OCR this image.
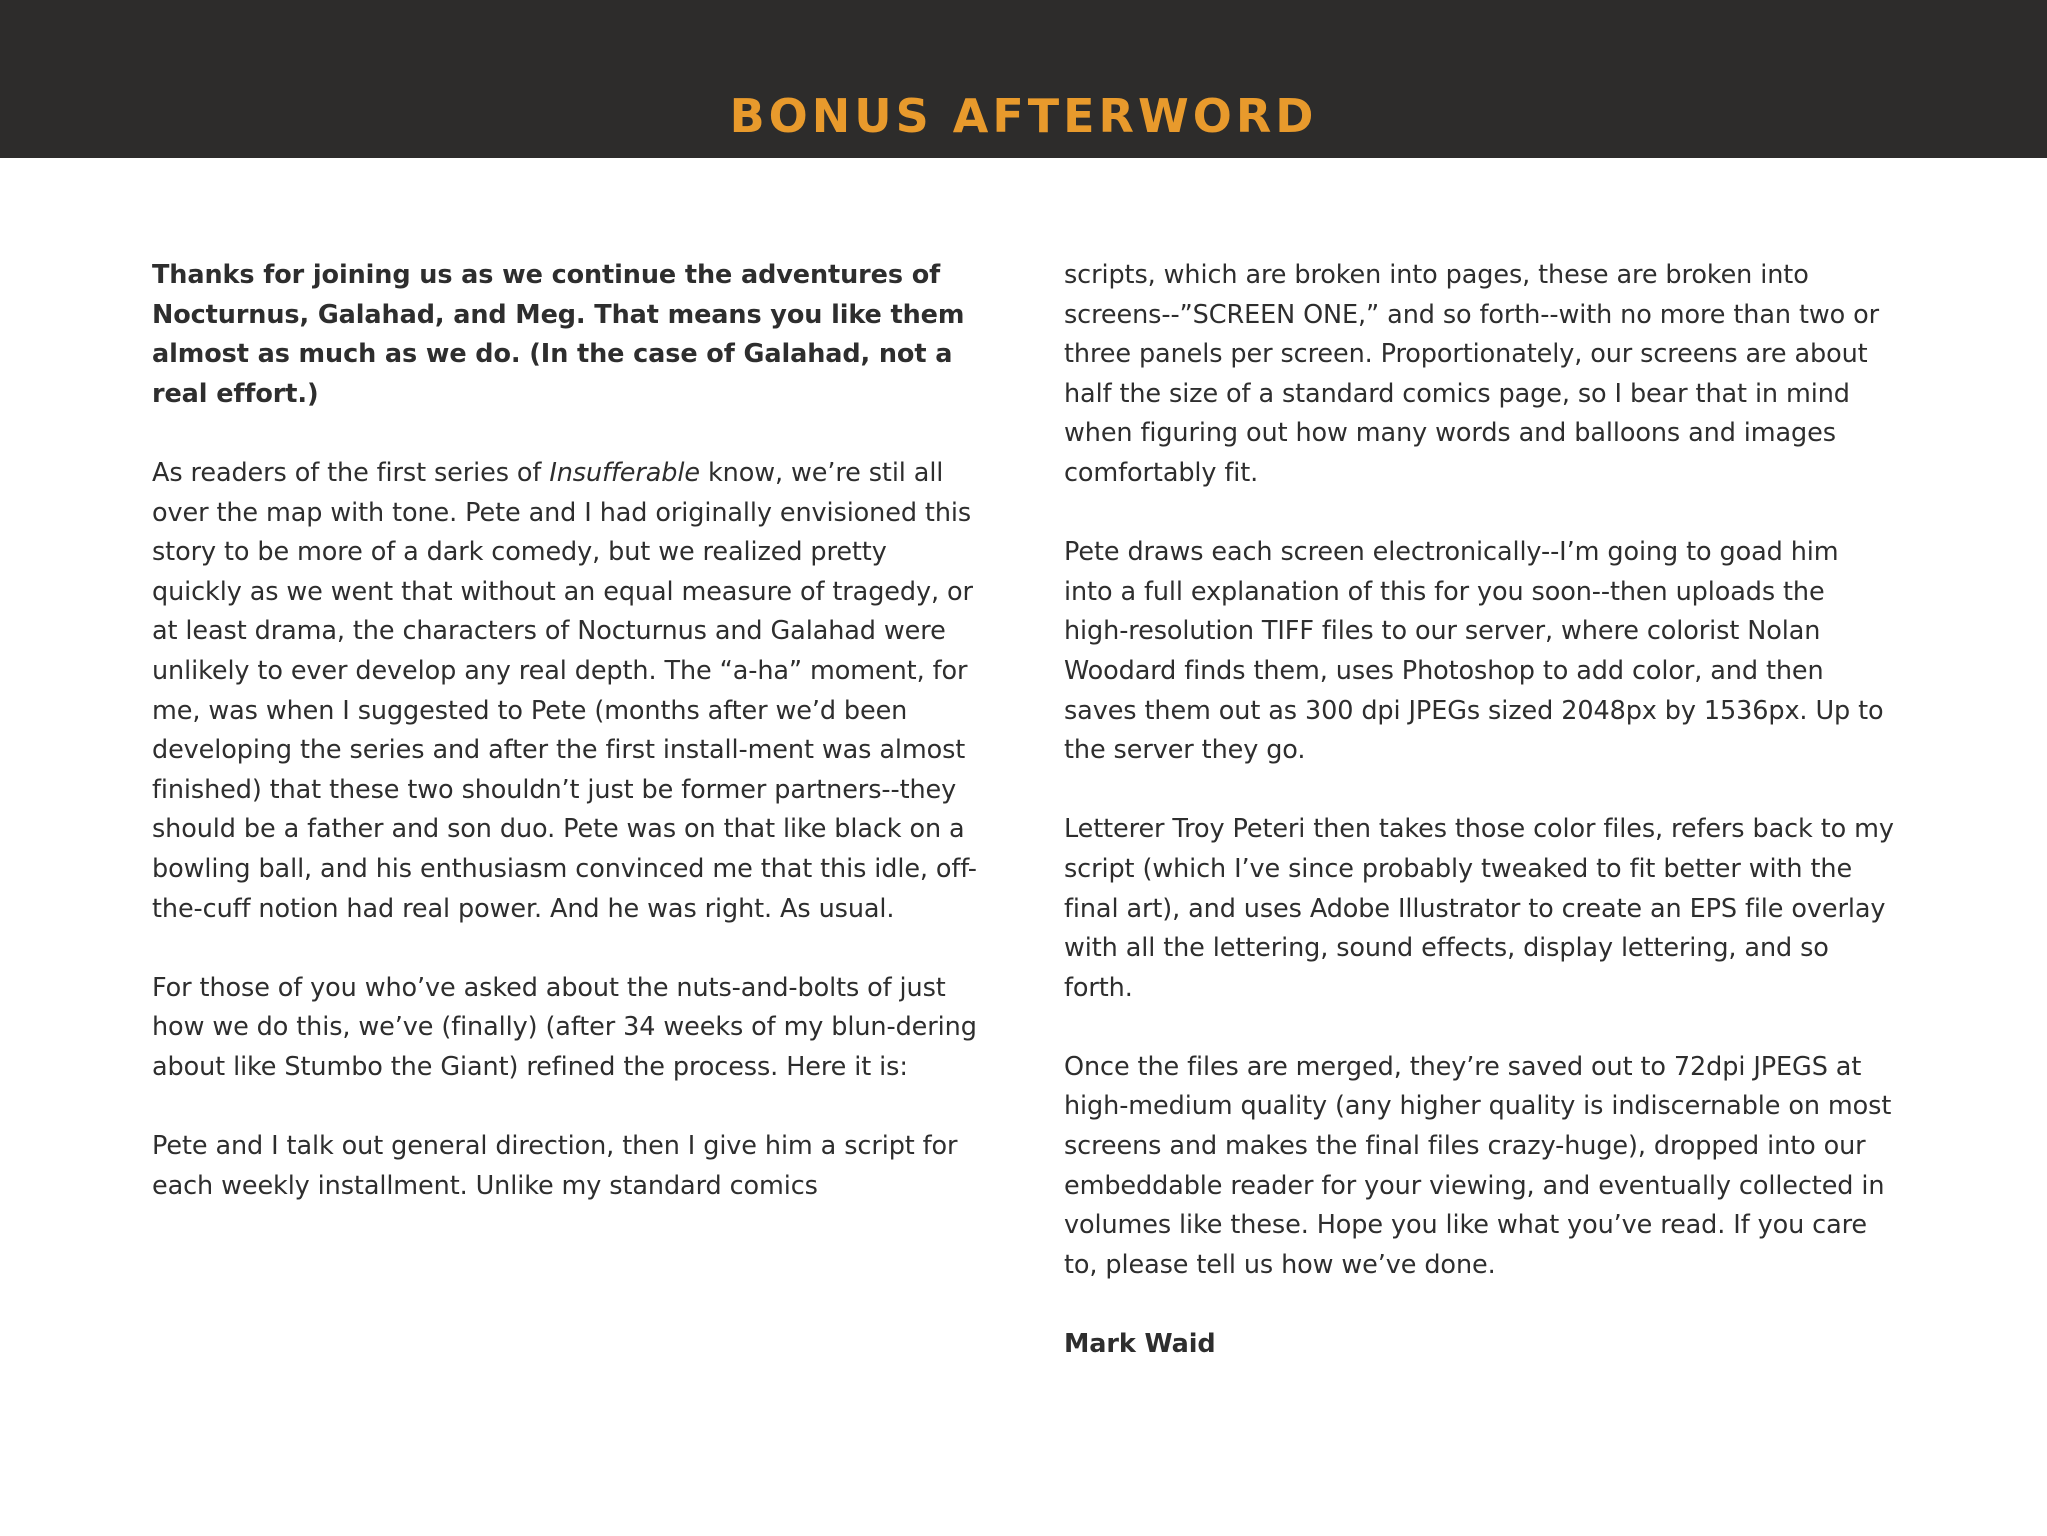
BONUS AFTERWORD

Thanks for joining us as we continue the adventures of Nocturnus, Galahad, and Meg. That means you like them almost as much as we do. (In the case of Galahad, not a real effort.)

As readers of the first series of Insufferable know, we’re stil all over the map with tone. Pete and I had originally envisioned this story to be more of a dark comedy, but we realized pretty quickly as we went that without an equal measure of tragedy, or at least drama, the characters of Nocturnus and Galahad were unlikely to ever develop any real depth. The “a-ha” moment, for me, was when I suggested to Pete (months after we’d been developing the series and after the first install-ment was almost finished) that these two shouldn’t just be former partners--they should be a father and son duo. Pete was on that like black on a bowling ball, and his enthusiasm convinced me that this idle, off-the-cuff notion had real power. And he was right. As usual.

For those of you who’ve asked about the nuts-and-bolts of just how we do this, we’ve (finally) (after 34 weeks of my blun-dering about like Stumbo the Giant) refined the process. Here it is:

Pete and I talk out general direction, then I give him a script for each weekly installment. Unlike my standard comics

scripts, which are broken into pages, these are broken into screens--”SCREEN ONE,” and so forth--with no more than two or three panels per screen. Proportionately, our screens are about half the size of a standard comics page, so I bear that in mind when figuring out how many words and balloons and images comfortably fit.

Pete draws each screen electronically--I’m going to goad him into a full explanation of this for you soon--then uploads the high-resolution TIFF files to our server, where colorist Nolan Woodard finds them, uses Photoshop to add color, and then saves them out as 300 dpi JPEGs sized 2048px by 1536px. Up to the server they go.

Letterer Troy Peteri then takes those color files, refers back to my script (which I’ve since probably tweaked to fit better with the final art), and uses Adobe Illustrator to create an EPS file overlay with all the lettering, sound effects, display lettering, and so forth.

Once the files are merged, they’re saved out to 72dpi JPEGS at high-medium quality (any higher quality is indiscernable on most screens and makes the final files crazy-huge), dropped into our embeddable reader for your viewing, and eventually collected in volumes like these. Hope you like what you’ve read. If you care to, please tell us how we’ve done.

Mark Waid
